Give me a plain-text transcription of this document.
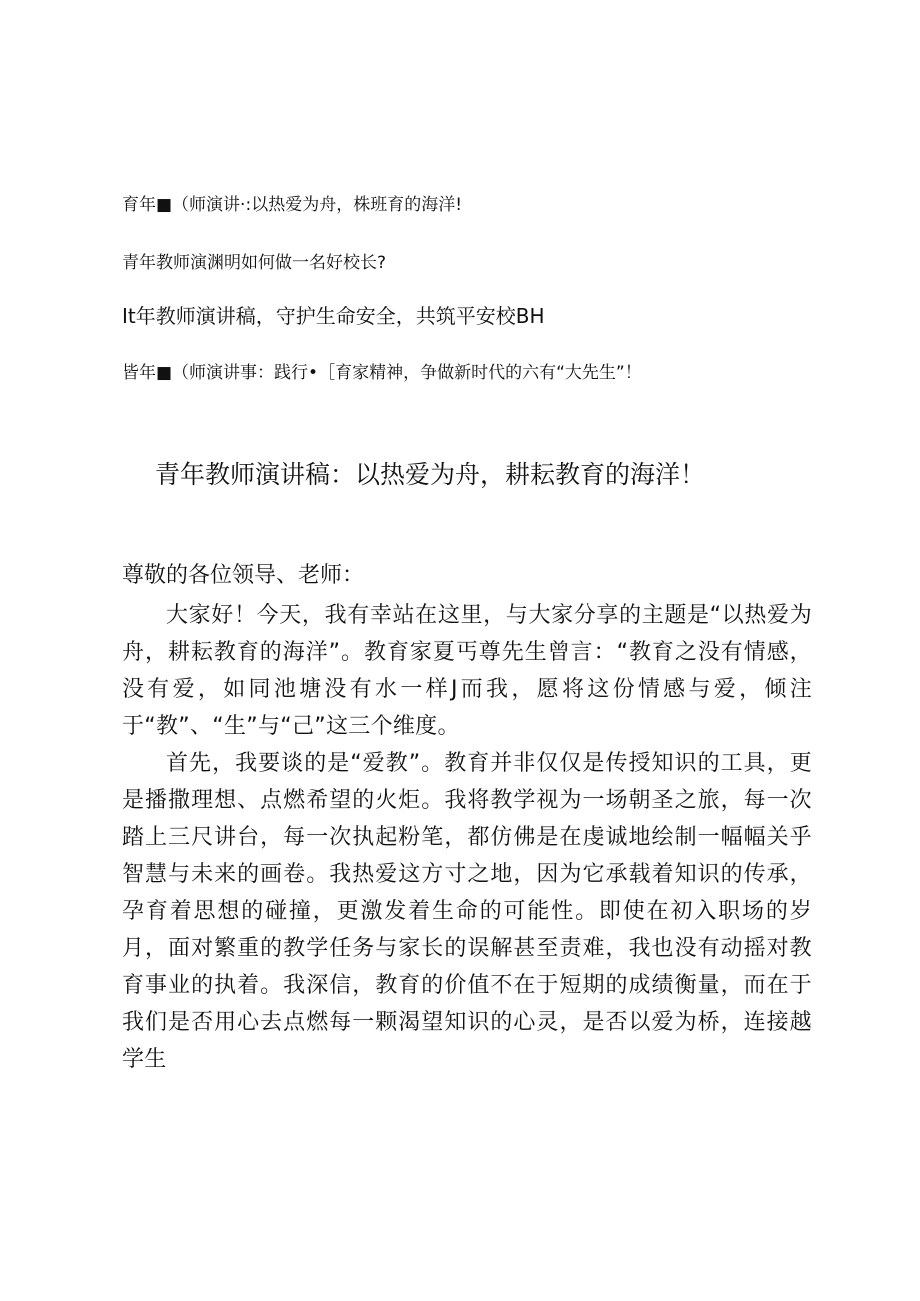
育年■（师演讲·:以热爱为舟，株班育的海洋!

青年教师演渊明如何做一名好校长?

It年教师演讲稿，守护生命安全，共筑平安校BH

皆年■（师演讲事：践行•［育家精神，争做新时代的六有“大先生”！

青年教师演讲稿：以热爱为舟，耕耘教育的海洋！

尊敬的各位领导、老师：

大家好！今天，我有幸站在这里，与大家分享的主题是“以热爱为舟，耕耘教育的海洋”。教育家夏丐尊先生曾言：“教育之没有情感，没有爱，如同池塘没有水一样J而我，愿将这份情感与爱，倾注于“教”、“生”与“己”这三个维度。

首先，我要谈的是“爱教”。教育并非仅仅是传授知识的工具，更是播撒理想、点燃希望的火炬。我将教学视为一场朝圣之旅，每一次踏上三尺讲台，每一次执起粉笔，都仿佛是在虔诚地绘制一幅幅关乎智慧与未来的画卷。我热爱这方寸之地，因为它承载着知识的传承，孕育着思想的碰撞，更激发着生命的可能性。即使在初入职场的岁月，面对繁重的教学任务与家长的误解甚至责难，我也没有动摇对教育事业的执着。我深信，教育的价值不在于短期的成绩衡量，而在于我们是否用心去点燃每一颗渴望知识的心灵，是否以爱为桥，连接越学生
